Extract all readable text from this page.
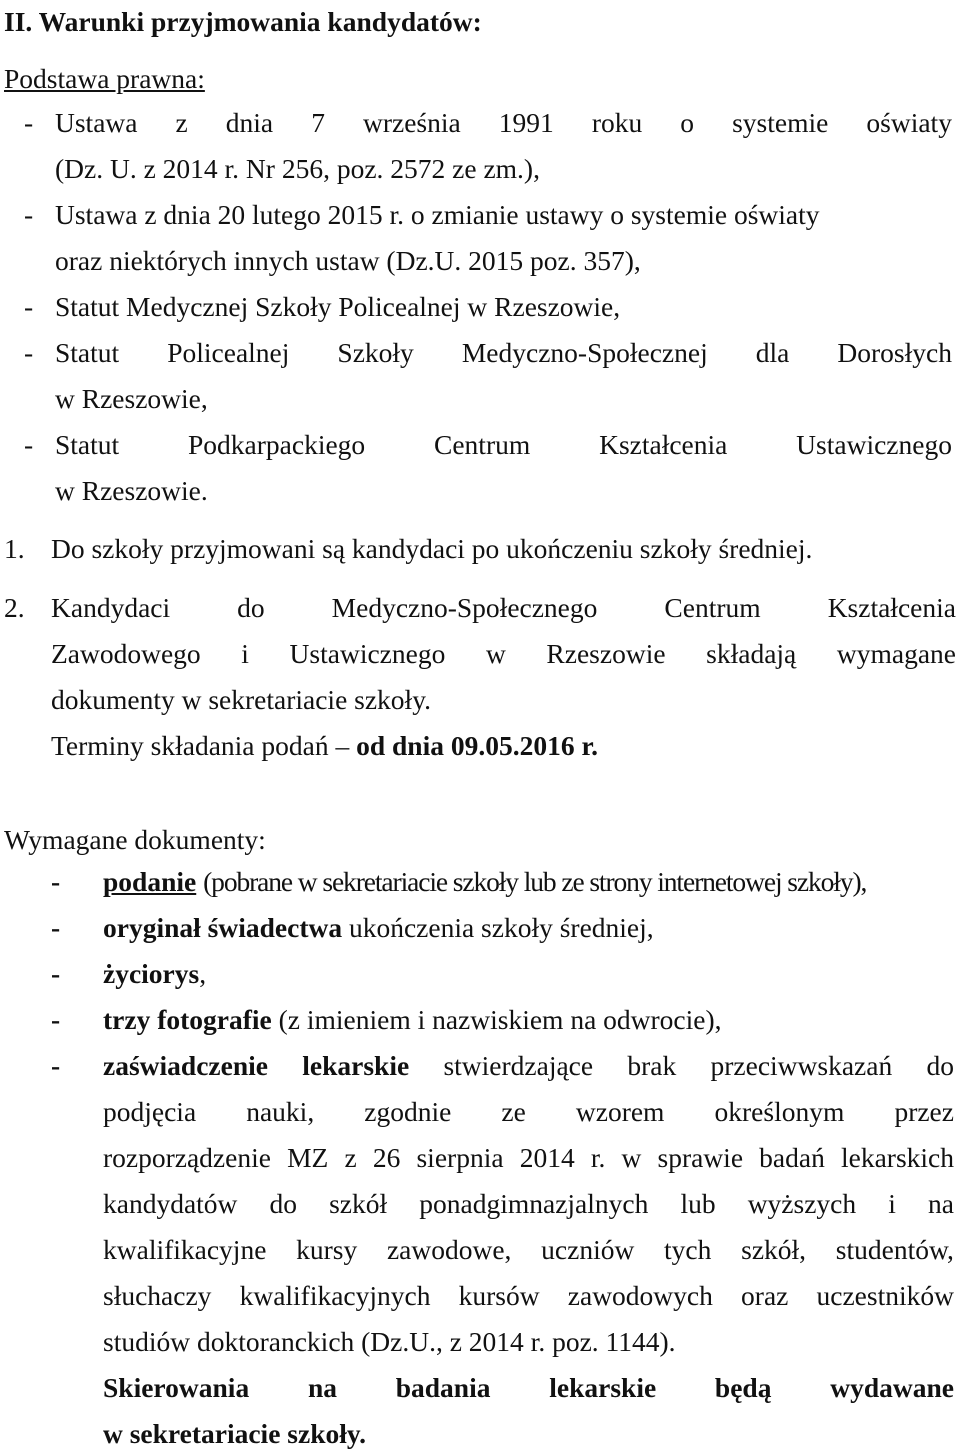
II. Warunki przyjmowania kandydatów:
Podstawa prawna:
- Ustawa z dnia 7 września 1991 roku o systemie oświaty
(Dz. U. z 2014 r. Nr 256, poz. 2572 ze zm.),
- Ustawa z dnia 20 lutego 2015 r. o zmianie ustawy o systemie oświaty
oraz niektórych innych ustaw (Dz.U. 2015 poz. 357),
- Statut Medycznej Szkoły Policealnej w Rzeszowie,
- Statut Policealnej Szkoły Medyczno-Społecznej dla Dorosłych
w Rzeszowie,
- Statut	Podkarpackiego	Centrum	Kształcenia	Ustawicznego
w Rzeszowie.
1. Do szkoły przyjmowani są kandydaci po ukończeniu szkoły średniej.
2. Kandydaci do Medyczno-Społecznego Centrum Kształcenia
Zawodowego i Ustawicznego w Rzeszowie składają wymagane
dokumenty w sekretariacie szkoły.
Terminy składania podań – od dnia 09.05.2016 r.
Wymagane dokumenty:
- podanie (pobrane w sekretariacie szkoły lub ze strony internetowej szkoły),
- oryginał świadectwa ukończenia szkoły średniej,
- życiorys,
- trzy fotografie (z imieniem i nazwiskiem na odwrocie),
- zaświadczenie lekarskie stwierdzające brak przeciwwskazań do
podjęcia nauki, zgodnie ze wzorem określonym przez
rozporządzenie MZ z 26 sierpnia 2014 r. w sprawie badań lekarskich
kandydatów do szkół ponadgimnazjalnych lub wyższych i na
kwalifikacyjne kursy zawodowe, uczniów tych szkół, studentów,
słuchaczy kwalifikacyjnych kursów zawodowych oraz uczestników
studiów doktoranckich (Dz.U., z 2014 r. poz. 1144).
Skierowania na badania lekarskie będą wydawane
w sekretariacie szkoły.
